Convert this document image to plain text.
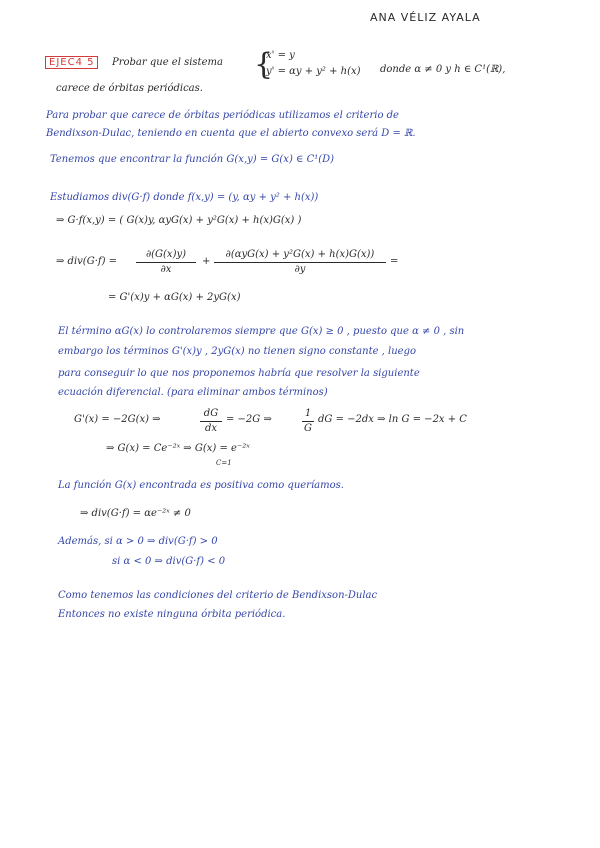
ANA VÉLIZ AYALA
EJEC4 5	Probar que el sistema {
x' = y
y' = αy + y² + h(x) donde α ≠ 0 y h ∈ C¹(ℝ),
carece de órbitas periódicas.
Para probar que carece de órbitas periódicas utilizamos el criterio de
Bendixson-Dulac, teniendo en cuenta que el abierto convexo será D = ℝ.
Tenemos que encontrar la función G(x,y) = G(x) ∈ C¹(D)
Estudiamos div(G·f) donde f(x,y) = (y, αy + y² + h(x))
⇒ G·f(x,y) = ( G(x)y, αyG(x) + y²G(x) + h(x)G(x) )
⇒ div(G·f) =
∂(G(x)y)
∂x
+
∂(αyG(x) + y²G(x) + h(x)G(x))
∂y
=
= G'(x)y + αG(x) + 2yG(x)
El término αG(x) lo controlaremos siempre que G(x) ≥ 0 , puesto que α ≠ 0 , sin
embargo los términos G'(x)y , 2yG(x) no tienen signo constante , luego
para conseguir lo que nos proponemos habría que resolver la siguiente
ecuación diferencial. (para eliminar ambos términos)
G'(x) = −2G(x) ⇒
dG
dx
= −2G ⇒
1
G
dG = −2dx ⇒ ln G = −2x + C
⇒ G(x) = Ce⁻²ˣ ⇒ G(x) = e⁻²ˣ
C=1
La función G(x) encontrada es positiva como queríamos.
⇒ div(G·f) = αe⁻²ˣ ≠ 0
Además, si α > 0 ⇒ div(G·f) > 0
si α < 0 ⇒ div(G·f) < 0
Como tenemos las condiciones del criterio de Bendixson-Dulac
Entonces no existe ninguna órbita periódica.
